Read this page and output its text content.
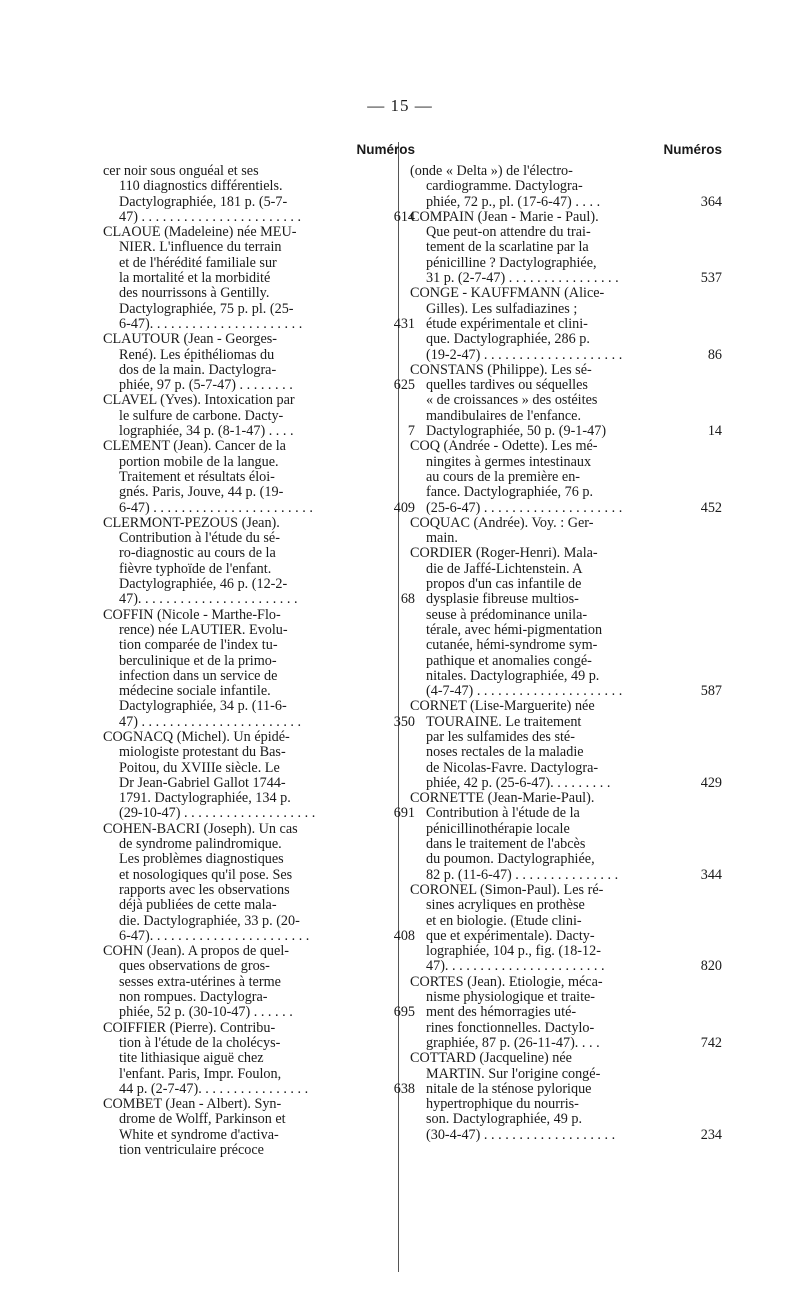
— 15 —
Numéros
cer noir sous onguéal et ses
110 diagnostics différentiels.
Dactylographiée, 181 p. (5-7-
47) . . . . . . . . . . . . . . . . . . . . . . .	614
CLAOUÉ (Madeleine) née MEU-
NIER. L'influence du terrain
et de l'hérédité familiale sur
la mortalité et la morbidité
des nourrissons à Gentilly.
Dactylographiée, 75 p. pl. (25-
6-47). . . . . . . . . . . . . . . . . . . . . .	431
CLAUTOUR (Jean - Georges-
René). Les épithéliomas du
dos de la main. Dactylogra-
phiée, 97 p. (5-7-47) . . . . . . . .	625
CLAVEL (Yves). Intoxication par
le sulfure de carbone. Dacty-
lographiée, 34 p. (8-1-47) . . . .	7
CLÉMENT (Jean). Cancer de la
portion mobile de la langue.
Traitement et résultats éloi-
gnés. Paris, Jouve, 44 p. (19-
6-47) . . . . . . . . . . . . . . . . . . . . . . .	409
CLERMONT-PEZOUS (Jean).
Contribution à l'étude du sé-
ro-diagnostic au cours de la
fièvre typhoïde de l'enfant.
Dactylographiée, 46 p. (12-2-
47). . . . . . . . . . . . . . . . . . . . . . .	68
COFFIN (Nicole - Marthe-Flo-
rence) née LAUTIER. Evolu-
tion comparée de l'index tu-
berculinique et de la primo-
infection dans un service de
médecine sociale infantile.
Dactylographiée, 34 p. (11-6-
47) . . . . . . . . . . . . . . . . . . . . . . .	350
COGNACQ (Michel). Un épidé-
miologiste protestant du Bas-
Poitou, du XVIIIe siècle. Le
Dr Jean-Gabriel Gallot 1744-
1791. Dactylographiée, 134 p.
(29-10-47) . . . . . . . . . . . . . . . . . . .	691
COHEN-BACRI (Joseph). Un cas
de syndrome palindromique.
Les problèmes diagnostiques
et nosologiques qu'il pose. Ses
rapports avec les observations
déjà publiées de cette mala-
die. Dactylographiée, 33 p. (20-
6-47). . . . . . . . . . . . . . . . . . . . . . .	408
COHN (Jean). A propos de quel-
ques observations de gros-
sesses extra-utérines à terme
non rompues. Dactylogra-
phiée, 52 p. (30-10-47) . . . . . .	695
COIFFIER (Pierre). Contribu-
tion à l'étude de la cholécys-
tite lithiasique aiguë chez
l'enfant. Paris, Impr. Foulon,
44 p. (2-7-47). . . . . . . . . . . . . . . .	638
COMBET (Jean - Albert). Syn-
drome de Wolff, Parkinson et
White et syndrome d'activa-
tion ventriculaire précoce
Numéros
(onde « Delta ») de l'électro-
cardiogramme. Dactylogra-
phiée, 72 p., pl. (17-6-47) . . . .	364
COMPAIN (Jean - Marie - Paul).
Que peut-on attendre du trai-
tement de la scarlatine par la
pénicilline ? Dactylographiée,
31 p. (2-7-47) . . . . . . . . . . . . . . . .	537
CONGE - KAUFFMANN (Alice-
Gilles). Les sulfadiazines ;
étude expérimentale et clini-
que. Dactylographiée, 286 p.
(19-2-47) . . . . . . . . . . . . . . . . . . . .	86
CONSTANS (Philippe). Les sé-
quelles tardives ou séquelles
« de croissances » des ostéites
mandibulaires de l'enfance.
Dactylographiée, 50 p. (9-1-47)	14
COQ (Andrée - Odette). Les mé-
ningites à germes intestinaux
au cours de la première en-
fance. Dactylographiée, 76 p.
(25-6-47) . . . . . . . . . . . . . . . . . . . .	452
COQUAC (Andrée). Voy. : Ger-
main.
CORDIER (Roger-Henri). Mala-
die de Jaffé-Lichtenstein. A
propos d'un cas infantile de
dysplasie fibreuse multios-
seuse à prédominance unila-
térale, avec hémi-pigmentation
cutanée, hémi-syndrome sym-
pathique et anomalies congé-
nitales. Dactylographiée, 49 p.
(4-7-47) . . . . . . . . . . . . . . . . . . . . .	587
CORNET (Lise-Marguerite) née
TOURAINE. Le traitement
par les sulfamides des sté-
noses rectales de la maladie
de Nicolas-Favre. Dactylogra-
phiée, 42 p. (25-6-47). . . . . . . . .	429
CORNETTE (Jean-Marie-Paul).
Contribution à l'étude de la
pénicillinothérapie locale
dans le traitement de l'abcès
du poumon. Dactylographiée,
82 p. (11-6-47) . . . . . . . . . . . . . . .	344
CORONEL (Simon-Paul). Les ré-
sines acryliques en prothèse
et en biologie. (Etude clini-
que et expérimentale). Dacty-
lographiée, 104 p., fig. (18-12-
47). . . . . . . . . . . . . . . . . . . . . . .	820
CORTES (Jean). Etiologie, méca-
nisme physiologique et traite-
ment des hémorragies uté-
rines fonctionnelles. Dactylo-
graphiée, 87 p. (26-11-47). . . .	742
COTTARD (Jacqueline) née
MARTIN. Sur l'origine congé-
nitale de la sténose pylorique
hypertrophique du nourris-
son. Dactylographiée, 49 p.
(30-4-47) . . . . . . . . . . . . . . . . . . .	234
